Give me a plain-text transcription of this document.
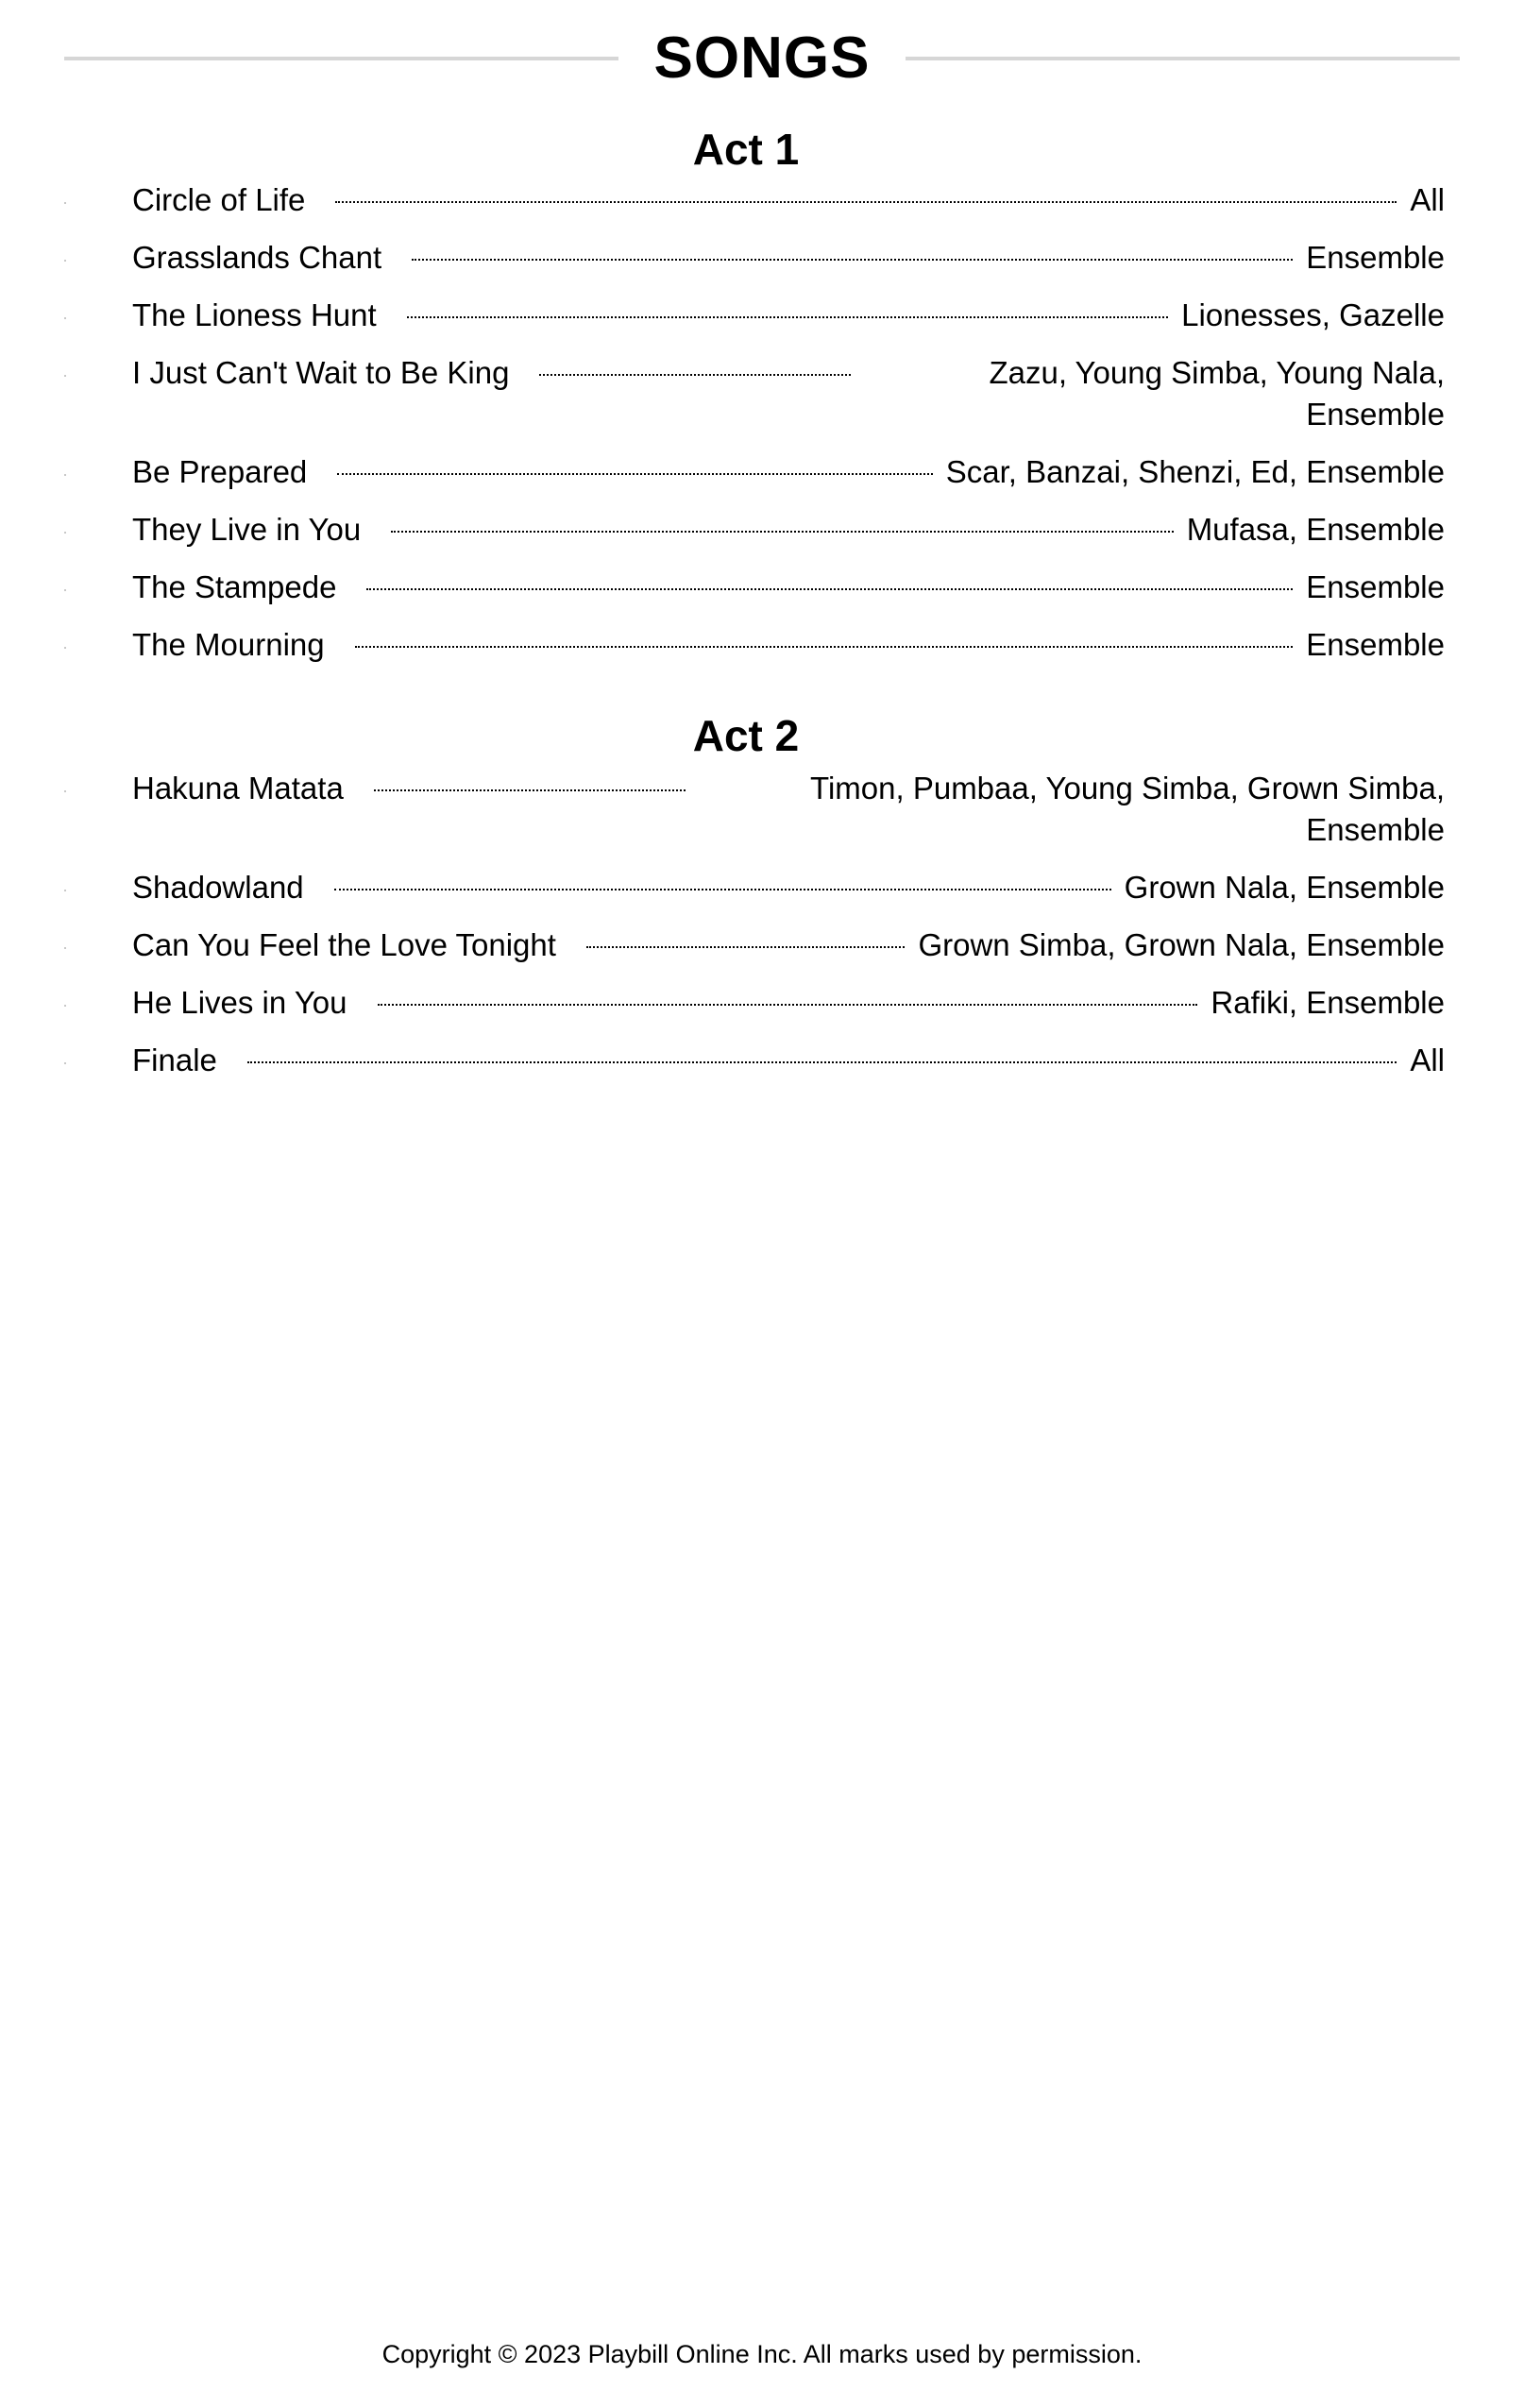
SONGS
Act 1
Circle of Life	All
Grasslands Chant	Ensemble
The Lioness Hunt	Lionesses, Gazelle
I Just Can't Wait to Be King	Zazu, Young Simba, Young Nala, Ensemble
Be Prepared	Scar, Banzai, Shenzi, Ed, Ensemble
They Live in You	Mufasa, Ensemble
The Stampede	Ensemble
The Mourning	Ensemble
Act 2
Hakuna Matata	Timon, Pumbaa, Young Simba, Grown Simba, Ensemble
Shadowland	Grown Nala, Ensemble
Can You Feel the Love Tonight	Grown Simba, Grown Nala, Ensemble
He Lives in You	Rafiki, Ensemble
Finale	All
Copyright © 2023 Playbill Online Inc. All marks used by permission.
